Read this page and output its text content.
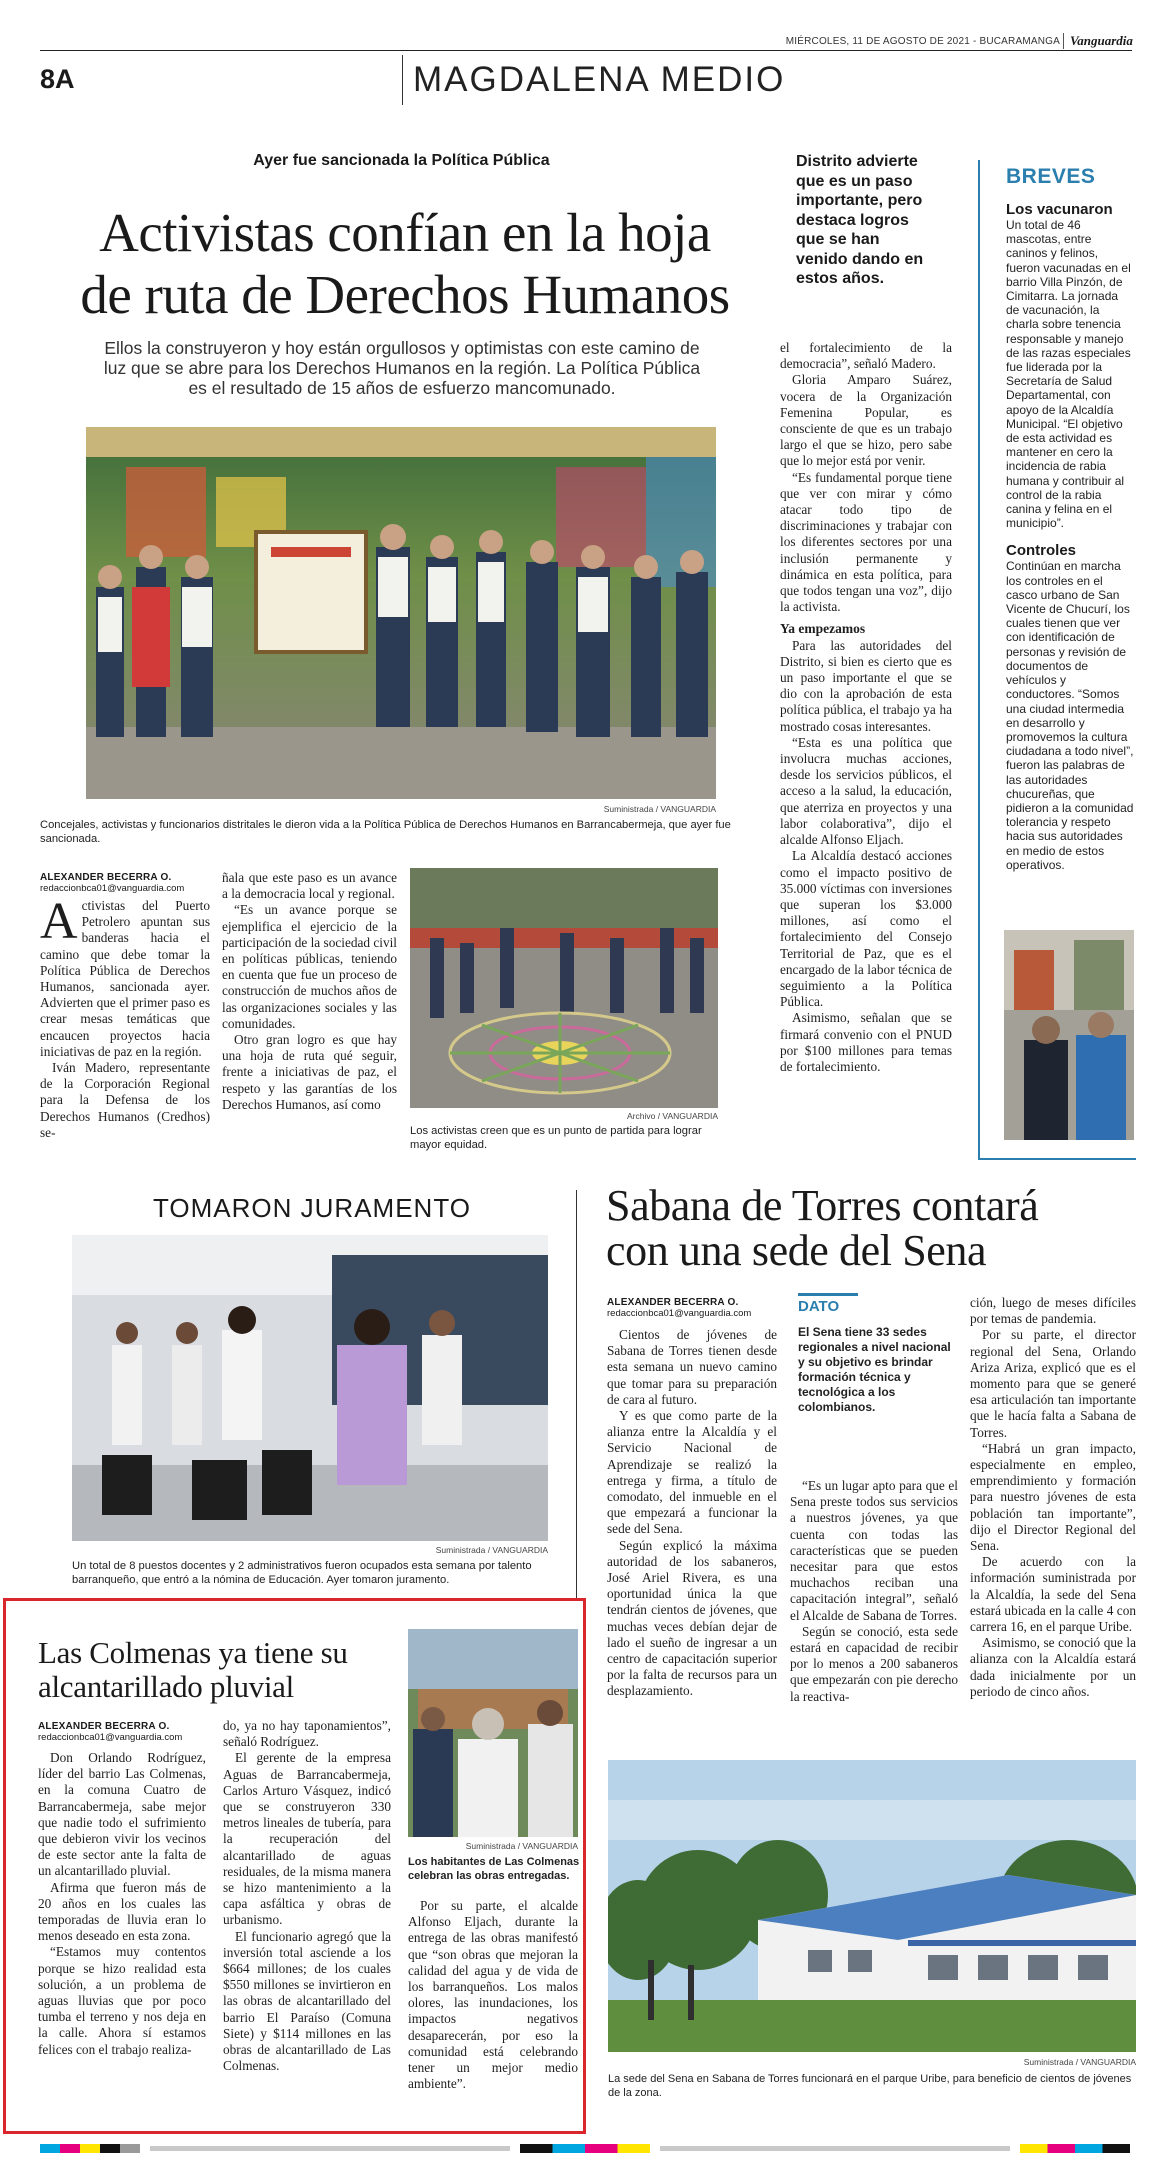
MIÉRCOLES, 11 DE AGOSTO DE 2021 - BUCARAMANGA Vanguardia
8A	MAGDALENA MEDIO
Ayer fue sancionada la Política Pública
Activistas confían en la hoja
de ruta de Derechos Humanos
Ellos la construyeron y hoy están orgullosos y optimistas con este camino de luz que se abre para los Derechos Humanos en la región. La Política Pública es el resultado de 15 años de esfuerzo mancomunado.
Suministrada / VANGUARDIA
Concejales, activistas y funcionarios distritales le dieron vida a la Política Pública de Derechos Humanos en Barrancabermeja, que ayer fue sancionada.
ALEXANDER BECERRA O.
redaccionbca01@vanguardia.com

Activistas del Puerto Petrolero apuntan sus banderas hacia el camino que debe tomar la Política Pública de Derechos Humanos, sancionada ayer. Advierten que el primer paso es crear mesas temáticas que encaucen proyectos hacia iniciativas de paz en la región.

Iván Madero, representante de la Corporación Regional para la Defensa de los Derechos Humanos (Credhos) se-

ñala que este paso es un avance a la democracia local y regional.

“Es un avance porque se ejemplifica el ejercicio de la participación de la sociedad civil en políticas públicas, teniendo en cuenta que fue un proceso de construcción de muchos años de las organizaciones sociales y las comunidades.

Otro gran logro es que hay una hoja de ruta qué seguir, frente a iniciativas de paz, el respeto y las garantías de los Derechos Humanos, así como

Archivo / VANGUARDIA
Los activistas creen que es un punto de partida para lograr mayor equidad.
Distrito advierte que es un paso importante, pero destaca logros que se han venido dando en estos años.

el fortalecimiento de la democracia”, señaló Madero.

Gloria Amparo Suárez, vocera de la Organización Femenina Popular, es consciente de que es un trabajo largo el que se hizo, pero sabe que lo mejor está por venir.

“Es fundamental porque tiene que ver con mirar y cómo atacar todo tipo de discriminaciones y trabajar con los diferentes sectores por una inclusión permanente y dinámica en esta política, para que todos tengan una voz”, dijo la activista.

Ya empezamos

Para las autoridades del Distrito, si bien es cierto que es un paso importante el que se dio con la aprobación de esta política pública, el trabajo ya ha mostrado cosas interesantes.

“Esta es una política que involucra muchas acciones, desde los servicios públicos, el acceso a la salud, la educación, que aterriza en proyectos y una labor colaborativa”, dijo el alcalde Alfonso Eljach.

La Alcaldía destacó acciones como el impacto positivo de 35.000 víctimas con inversiones que superan los $3.000 millones, así como el fortalecimiento del Consejo Territorial de Paz, que es el encargado de la labor técnica de seguimiento a la Política Pública.

Asimismo, señalan que se firmará convenio con el PNUD por $100 millones para temas de fortalecimiento.

BREVES
Los vacunaron
Un total de 46 mascotas, entre caninos y felinos, fueron vacunadas en el barrio Villa Pinzón, de Cimitarra. La jornada de vacunación, la charla sobre tenencia responsable y manejo de las razas especiales fue liderada por la Secretaría de Salud Departamental, con apoyo de la Alcaldía Municipal. “El objetivo de esta actividad es mantener en cero la incidencia de rabia humana y contribuir al control de la rabia canina y felina en el municipio”.
Controles
Continúan en marcha los controles en el casco urbano de San Vicente de Chucurí, los cuales tienen que ver con identificación de personas y revisión de documentos de vehículos y conductores. “Somos una ciudad intermedia en desarrollo y promovemos la cultura ciudadana a todo nivel”, fueron las palabras de las autoridades chucureñas, que pidieron a la comunidad tolerancia y respeto hacia sus autoridades en medio de estos operativos.
TOMARON JURAMENTO
Suministrada / VANGUARDIA
Un total de 8 puestos docentes y 2 administrativos fueron ocupados esta semana por talento barranqueño, que entró a la nómina de Educación. Ayer tomaron juramento.
Las Colmenas ya tiene su
alcantarillado pluvial
ALEXANDER BECERRA O.
redaccionbca01@vanguardia.com

Don Orlando Rodríguez, líder del barrio Las Colmenas, en la comuna Cuatro de Barrancabermeja, sabe mejor que nadie todo el sufrimiento que debieron vivir los vecinos de este sector ante la falta de un alcantarillado pluvial.

Afirma que fueron más de 20 años en los cuales las temporadas de lluvia eran lo menos deseado en esta zona.

“Estamos muy contentos porque se hizo realidad esta solución, a un problema de aguas lluvias que por poco tumba el terreno y nos deja en la calle. Ahora sí estamos felices con el trabajo realiza-

do, ya no hay taponamientos”, señaló Rodríguez.

El gerente de la empresa Aguas de Barrancabermeja, Carlos Arturo Vásquez, indicó que se construyeron 330 metros lineales de tubería, para la recuperación del alcantarillado de aguas residuales, de la misma manera se hizo mantenimiento a la capa asfáltica y obras de urbanismo.

El funcionario agregó que la inversión total asciende a los $664 millones; de los cuales $550 millones se invirtieron en las obras de alcantarillado del barrio El Paraíso (Comuna Siete) y $114 millones en las obras de alcantarillado de Las Colmenas.

Suministrada / VANGUARDIA
Los habitantes de Las Colmenas celebran las obras entregadas.

Por su parte, el alcalde Alfonso Eljach, durante la entrega de las obras manifestó que “son obras que mejoran la calidad del agua y de vida de los barranqueños. Los malos olores, las inundaciones, los impactos negativos desaparecerán, por eso la comunidad está celebrando tener un mejor medio ambiente”.

Sabana de Torres contará
con una sede del Sena
ALEXANDER BECERRA O.
redaccionbca01@vanguardia.com

Cientos de jóvenes de Sabana de Torres tienen desde esta semana un nuevo camino que tomar para su preparación de cara al futuro.

Y es que como parte de la alianza entre la Alcaldía y el Servicio Nacional de Aprendizaje se realizó la entrega y firma, a título de comodato, del inmueble en el que empezará a funcionar la sede del Sena.

Según explicó la máxima autoridad de los sabaneros, José Ariel Rivera, es una oportunidad única la que tendrán cientos de jóvenes, que muchas veces debían dejar de lado el sueño de ingresar a un centro de capacitación superior por la falta de recursos para un desplazamiento.

DATO
El Sena tiene 33 sedes regionales a nivel nacional y su objetivo es brindar formación técnica y tecnológica a los colombianos.

“Es un lugar apto para que el Sena preste todos sus servicios a nuestros jóvenes, ya que cuenta con todas las características que se pueden necesitar para que estos muchachos reciban una capacitación integral”, señaló el Alcalde de Sabana de Torres.

Según se conoció, esta sede estará en capacidad de recibir por lo menos a 200 sabaneros que empezarán con pie derecho la reactiva-

ción, luego de meses difíciles por temas de pandemia.

Por su parte, el director regional del Sena, Orlando Ariza Ariza, explicó que es el momento para que se generé esa articulación tan importante que le hacía falta a Sabana de Torres.

“Habrá un gran impacto, especialmente en empleo, emprendimiento y formación para nuestro jóvenes de esta población tan importante”, dijo el Director Regional del Sena.

De acuerdo con la información suministrada por la Alcaldía, la sede del Sena estará ubicada en la calle 4 con carrera 16, en el parque Uribe.

Asimismo, se conoció que la alianza con la Alcaldía estará dada inicialmente por un periodo de cinco años.

Suministrada / VANGUARDIA
La sede del Sena en Sabana de Torres funcionará en el parque Uribe, para beneficio de cientos de jóvenes de la zona.
